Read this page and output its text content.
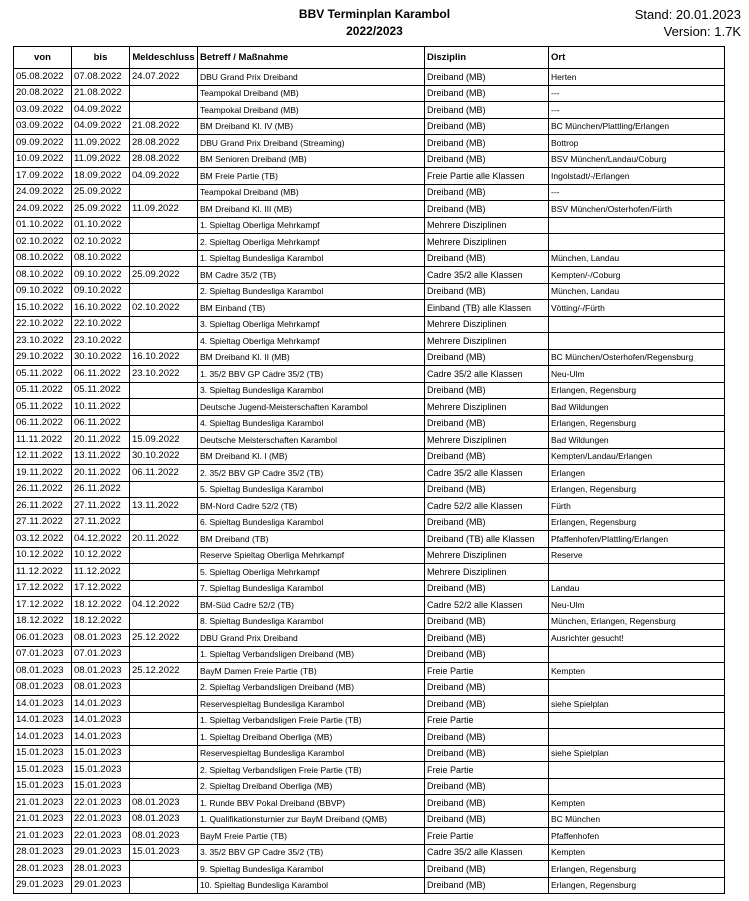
BBV Terminplan Karambol
2022/2023
Stand: 20.01.2023
Version: 1.7K
von	bis	Meldeschluss	Betreff / Maßnahme	Disziplin	Ort
05.08.2022	07.08.2022	24.07.2022	DBU Grand Prix Dreiband	Dreiband (MB)	Herten
20.08.2022	21.08.2022		Teampokal Dreiband (MB)	Dreiband (MB)	---
03.09.2022	04.09.2022		Teampokal Dreiband (MB)	Dreiband (MB)	---
03.09.2022	04.09.2022	21.08.2022	BM Dreiband Kl. IV (MB)	Dreiband (MB)	BC München/Plattling/Erlangen
09.09.2022	11.09.2022	28.08.2022	DBU Grand Prix Dreiband (Streaming)	Dreiband (MB)	Bottrop
10.09.2022	11.09.2022	28.08.2022	BM Senioren Dreiband (MB)	Dreiband (MB)	BSV München/Landau/Coburg
17.09.2022	18.09.2022	04.09.2022	BM Freie Partie (TB)	Freie Partie alle Klassen	Ingolstadt/-/Erlangen
24.09.2022	25.09.2022		Teampokal Dreiband (MB)	Dreiband (MB)	---
24.09.2022	25.09.2022	11.09.2022	BM Dreiband Kl. III (MB)	Dreiband (MB)	BSV München/Osterhofen/Fürth
01.10.2022	01.10.2022		1. Spieltag Oberliga Mehrkampf	Mehrere Disziplinen	
02.10.2022	02.10.2022		2. Spieltag Oberliga Mehrkampf	Mehrere Disziplinen	
08.10.2022	08.10.2022		1. Spieltag Bundesliga Karambol	Dreiband (MB)	München, Landau
08.10.2022	09.10.2022	25.09.2022	BM Cadre 35/2 (TB)	Cadre 35/2 alle Klassen	Kempten/-/Coburg
09.10.2022	09.10.2022		2. Spieltag Bundesliga Karambol	Dreiband (MB)	München, Landau
15.10.2022	16.10.2022	02.10.2022	BM Einband (TB)	Einband (TB) alle Klassen	Vötting/-/Fürth
22.10.2022	22.10.2022		3. Spieltag Oberliga Mehrkampf	Mehrere Disziplinen	
23.10.2022	23.10.2022		4. Spieltag Oberliga Mehrkampf	Mehrere Disziplinen	
29.10.2022	30.10.2022	16.10.2022	BM Dreiband Kl. II (MB)	Dreiband (MB)	BC München/Osterhofen/Regensburg
05.11.2022	06.11.2022	23.10.2022	1. 35/2 BBV GP Cadre 35/2 (TB)	Cadre 35/2 alle Klassen	Neu-Ulm
05.11.2022	05.11.2022		3. Spieltag Bundesliga Karambol	Dreiband (MB)	Erlangen, Regensburg
05.11.2022	10.11.2022		Deutsche Jugend-Meisterschaften Karambol	Mehrere Disziplinen	Bad Wildungen
06.11.2022	06.11.2022		4. Spieltag Bundesliga Karambol	Dreiband (MB)	Erlangen, Regensburg
11.11.2022	20.11.2022	15.09.2022	Deutsche Meisterschaften Karambol	Mehrere Disziplinen	Bad Wildungen
12.11.2022	13.11.2022	30.10.2022	BM Dreiband Kl. I (MB)	Dreiband (MB)	Kempten/Landau/Erlangen
19.11.2022	20.11.2022	06.11.2022	2. 35/2 BBV GP Cadre 35/2 (TB)	Cadre 35/2 alle Klassen	Erlangen
26.11.2022	26.11.2022		5. Spieltag Bundesliga Karambol	Dreiband (MB)	Erlangen, Regensburg
26.11.2022	27.11.2022	13.11.2022	BM-Nord Cadre 52/2 (TB)	Cadre 52/2 alle Klassen	Fürth
27.11.2022	27.11.2022		6. Spieltag Bundesliga Karambol	Dreiband (MB)	Erlangen, Regensburg
03.12.2022	04.12.2022	20.11.2022	BM Dreiband (TB)	Dreiband (TB) alle Klassen	Pfaffenhofen/Plattling/Erlangen
10.12.2022	10.12.2022		Reserve Spieltag Oberliga Mehrkampf	Mehrere Disziplinen	Reserve
11.12.2022	11.12.2022		5. Spieltag Oberliga Mehrkampf	Mehrere Disziplinen	
17.12.2022	17.12.2022		7. Spieltag Bundesliga Karambol	Dreiband (MB)	Landau
17.12.2022	18.12.2022	04.12.2022	BM-Süd Cadre 52/2 (TB)	Cadre 52/2 alle Klassen	Neu-Ulm
18.12.2022	18.12.2022		8. Spieltag Bundesliga Karambol	Dreiband (MB)	München, Erlangen, Regensburg
06.01.2023	08.01.2023	25.12.2022	DBU Grand Prix Dreiband	Dreiband (MB)	Ausrichter gesucht!
07.01.2023	07.01.2023		1. Spieltag Verbandsligen Dreiband (MB)	Dreiband (MB)	
08.01.2023	08.01.2023	25.12.2022	BayM Damen Freie Partie (TB)	Freie Partie	Kempten
08.01.2023	08.01.2023		2. Spieltag Verbandsligen Dreiband (MB)	Dreiband (MB)	
14.01.2023	14.01.2023		Reservespieltag Bundesliga Karambol	Dreiband (MB)	siehe Spielplan
14.01.2023	14.01.2023		1. Spieltag Verbandsligen Freie Partie (TB)	Freie Partie	
14.01.2023	14.01.2023		1. Spieltag Dreiband Oberliga (MB)	Dreiband (MB)	
15.01.2023	15.01.2023		Reservespieltag Bundesliga Karambol	Dreiband (MB)	siehe Spielplan
15.01.2023	15.01.2023		2. Spieltag Verbandsligen Freie Partie (TB)	Freie Partie	
15.01.2023	15.01.2023		2. Spieltag Dreiband Oberliga (MB)	Dreiband (MB)	
21.01.2023	22.01.2023	08.01.2023	1. Runde BBV Pokal Dreiband (BBVP)	Dreiband (MB)	Kempten
21.01.2023	22.01.2023	08.01.2023	1. Qualifikationsturnier zur BayM Dreiband (QMB)	Dreiband (MB)	BC München
21.01.2023	22.01.2023	08.01.2023	BayM Freie Partie (TB)	Freie Partie	Pfaffenhofen
28.01.2023	29.01.2023	15.01.2023	3. 35/2 BBV GP Cadre 35/2 (TB)	Cadre 35/2 alle Klassen	Kempten
28.01.2023	28.01.2023		9. Spieltag Bundesliga Karambol	Dreiband (MB)	Erlangen, Regensburg
29.01.2023	29.01.2023		10. Spieltag Bundesliga Karambol	Dreiband (MB)	Erlangen, Regensburg
